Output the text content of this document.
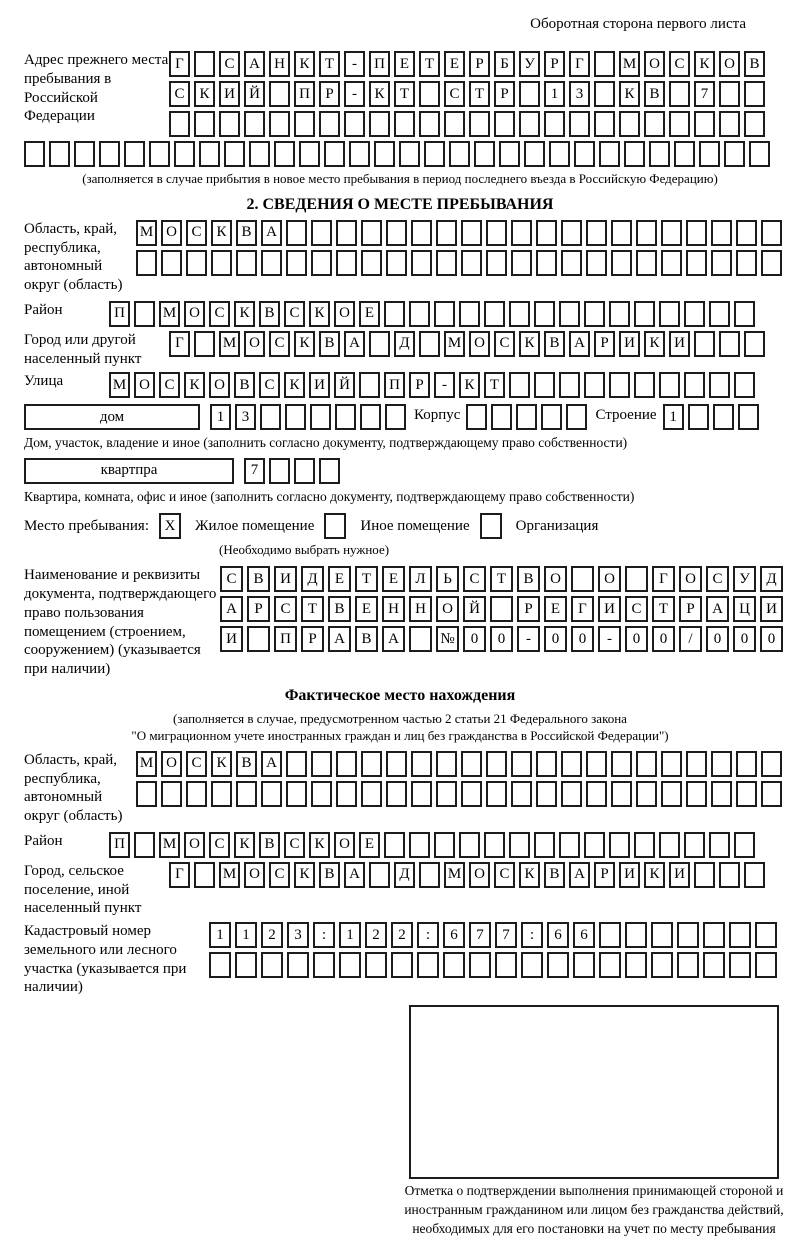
Оборотная сторона первого листа
Адрес прежнего места пребывания в Российской Федерации
Г	С А Н К	Т	-	П Е	Т	Е	Р	Б	У	Р	Г	М О С К О В
С К И Й	П	Р	-	К	Т	С	Т	Р	1	3	К В	7
(заполняется в случае прибытия в новое место пребывания в период последнего въезда в Российскую Федерацию)
2. СВЕДЕНИЯ О МЕСТЕ ПРЕБЫВАНИЯ
Область, край, республика, автономный округ (область)
М О С К В А
Район	П	М О С К В С К О Е
Город или другой населенный пункт
Г	М О С К В А	Д	М О С К В А	Р	И К И
Улица	М О С К О В С К И Й	П	Р	-	К	Т
дом	1	3	Корпус	Строение 1
Дом, участок, владение и иное (заполнить согласно документу, подтверждающему право собственности)
квартпра	7
Квартира, комната, офис и иное (заполнить согласно документу, подтверждающему право собственности)
Место пребывания:	X	Жилое помещение	Иное помещение	Организация
(Необходимо выбрать нужное)
Наименование и реквизиты документа, подтверждающего право пользования помещением (строением, сооружением) (указывается при наличии)
С	В	И	Д	Е	Т	Е	Л	Ь	С	Т	В	О	О	Г	О	С	У	Д
А	Р	С	Т	В	Е	Н	Н	О	Й	Р	Е	Г	И	С	Т	Р	А	Ц	И
И	П	Р	А	В	А	№	0	0	-	0	0	-	0	0	/	0	0	0
Фактическое место нахождения
(заполняется в случае, предусмотренном частью 2 статьи 21 Федерального закона
"О миграционном учете иностранных граждан и лиц без гражданства в Российской Федерации")
Область, край, республика, автономный округ (область)
М О С К В А
Район	П	М О С К В С К О Е
Город, сельское поселение, иной населенный пункт
Г	М О С К В А	Д	М О С К В А	Р	И К И
Кадастровый номер земельного или лесного участка (указывается при наличии)
1	1	2	3	:	1	2	2	:	6	7	7	:	6	6
Отметка о подтверждении выполнения принимающей стороной и иностранным гражданином или лицом без гражданства действий, необходимых для его постановки на учет по месту пребывания
